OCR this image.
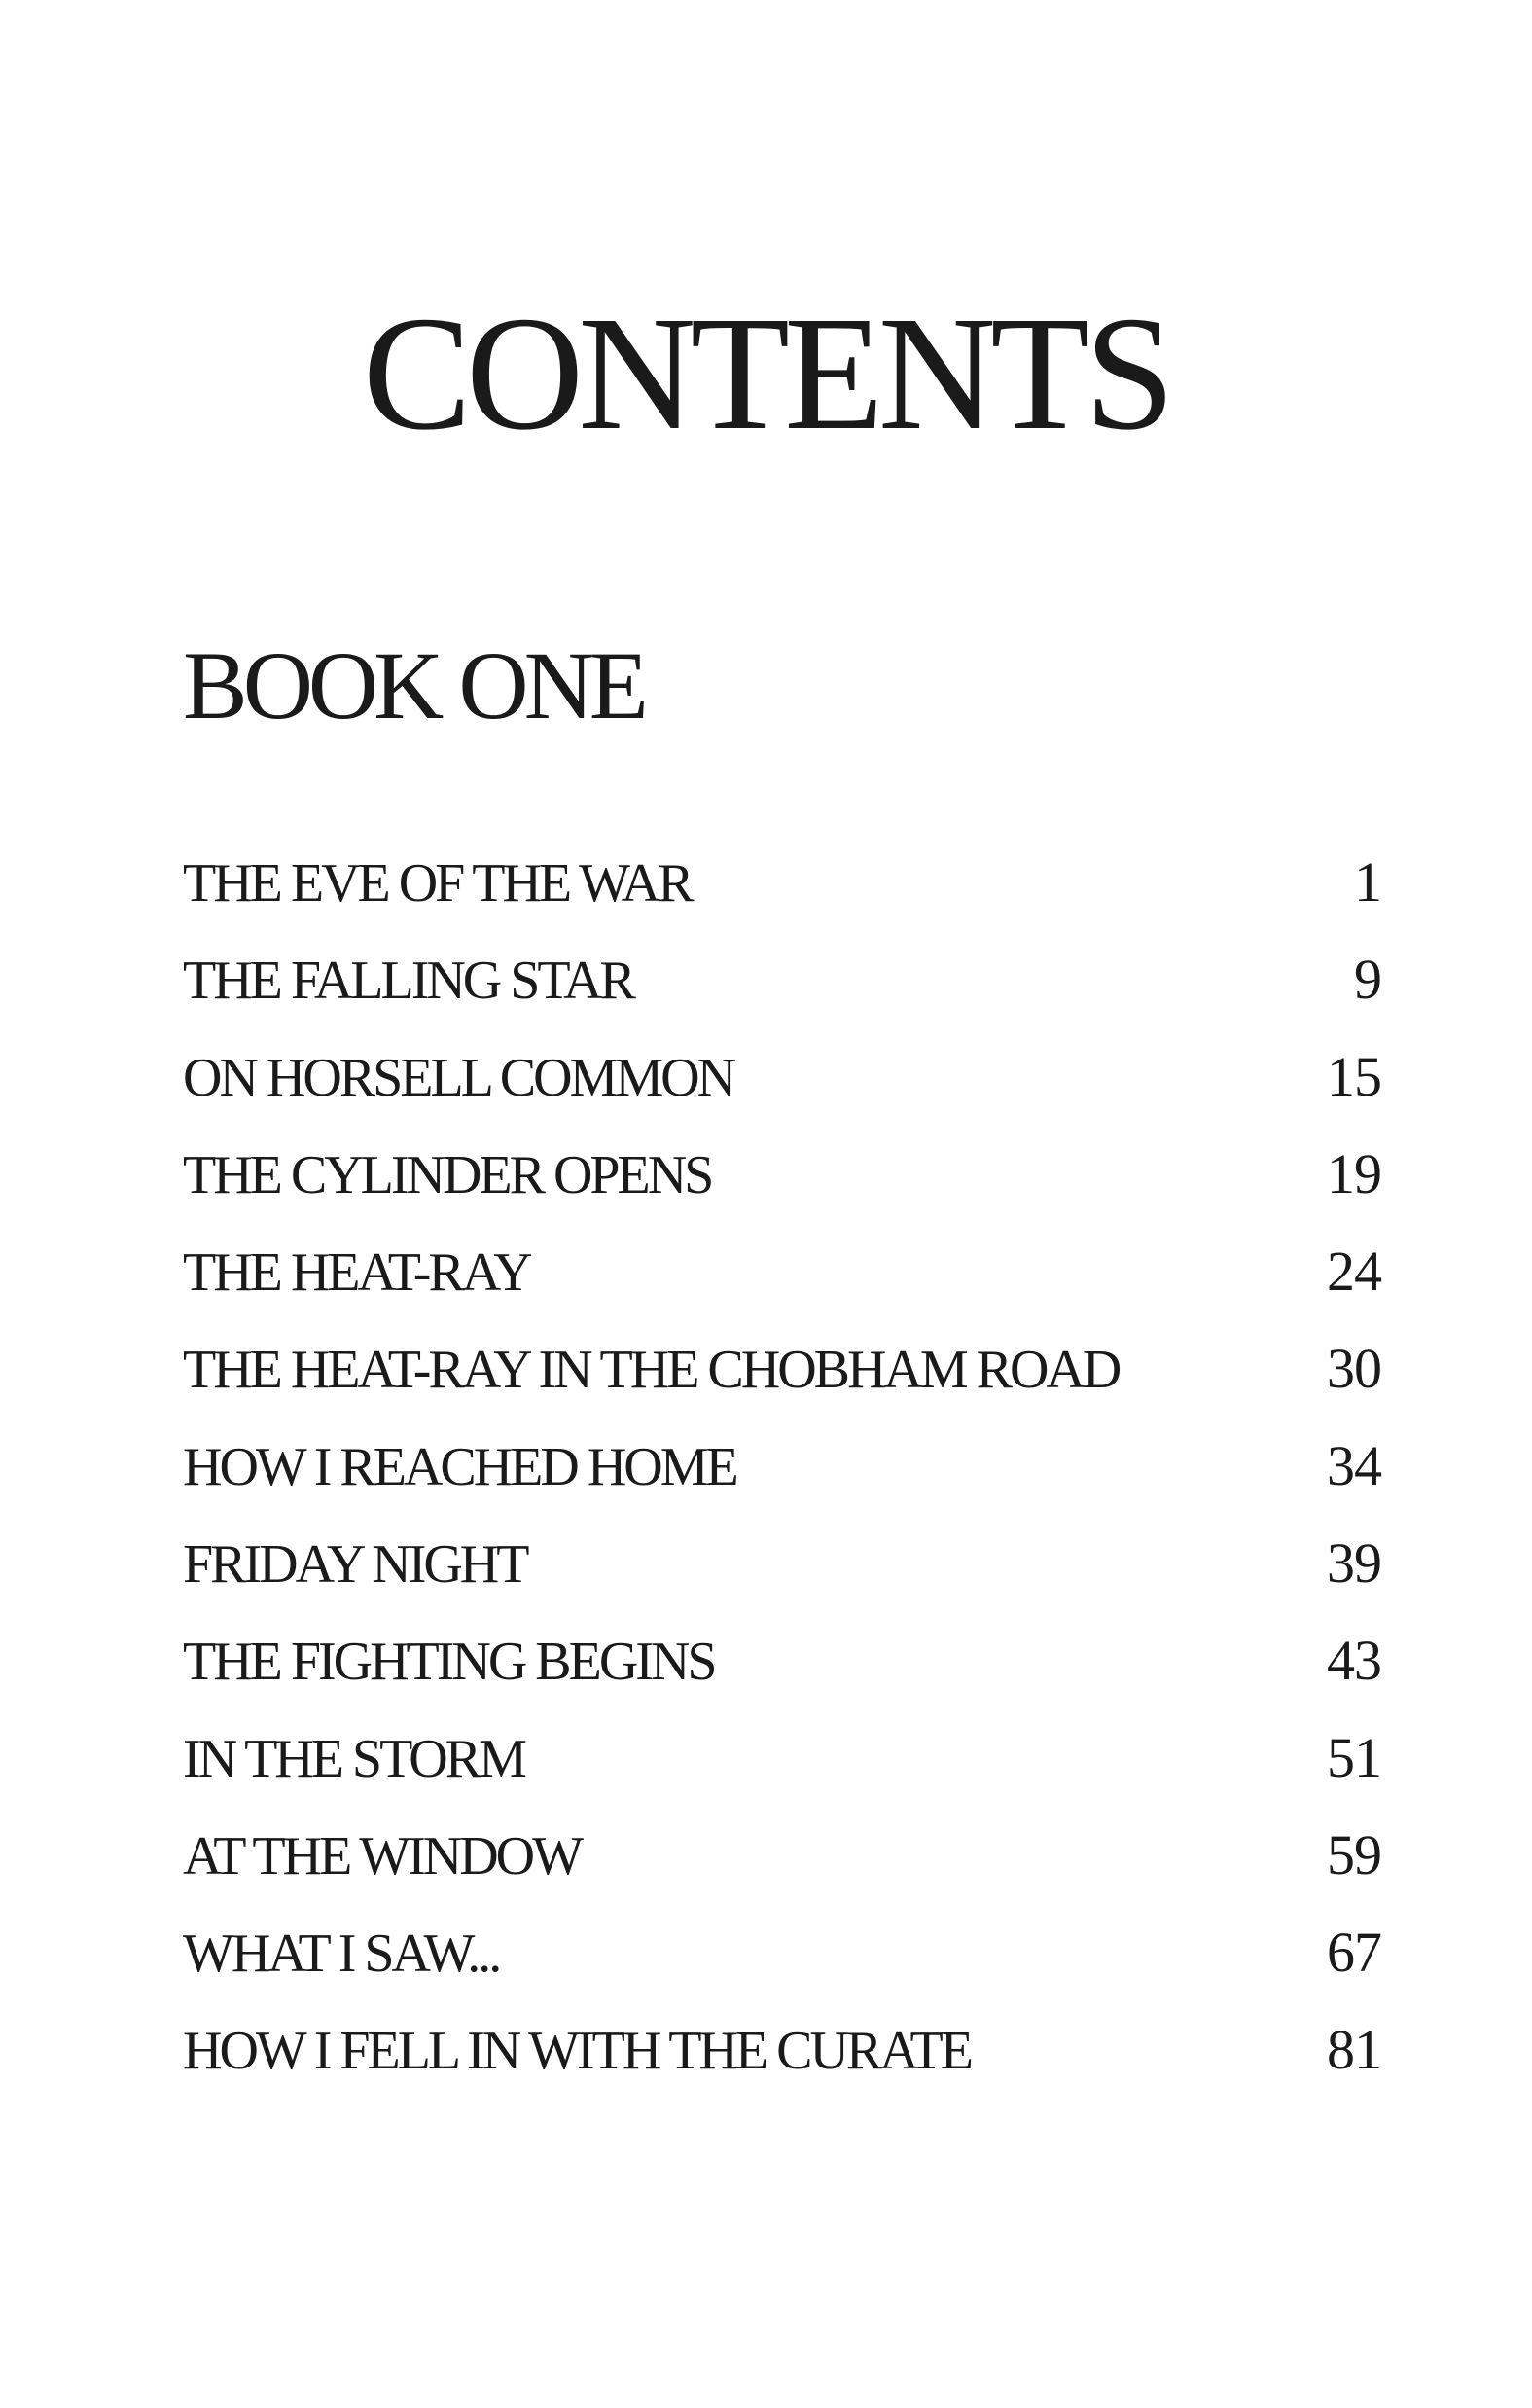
CONTENTS
BOOK ONE
THE EVE OF THE WAR	1
THE FALLING STAR	9
ON HORSELL COMMON	15
THE CYLINDER OPENS	19
THE HEAT-RAY	24
THE HEAT-RAY IN THE CHOBHAM ROAD	30
HOW I REACHED HOME	34
FRIDAY NIGHT	39
THE FIGHTING BEGINS	43
IN THE STORM	51
AT THE WINDOW	59
WHAT I SAW...	67
HOW I FELL IN WITH THE CURATE	81
